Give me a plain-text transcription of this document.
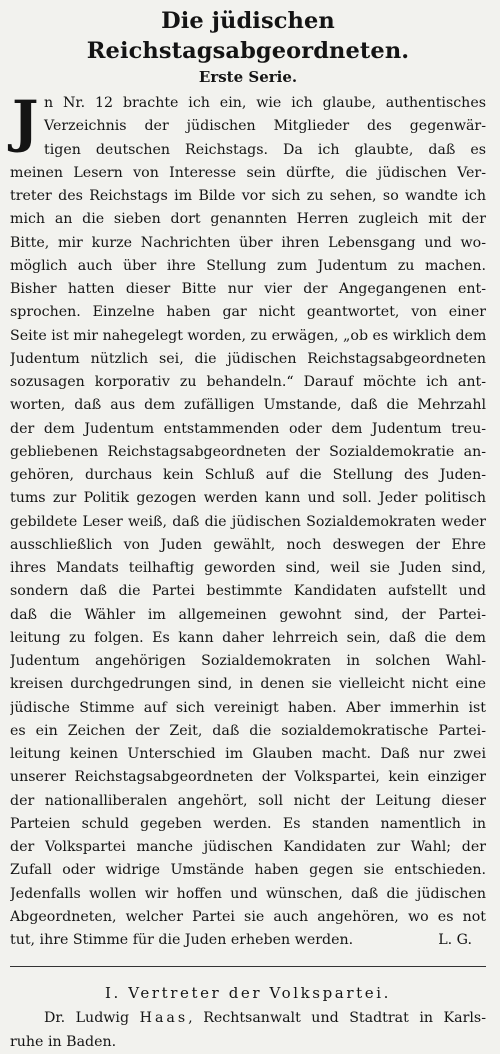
Die jüdischen Reichstagsabgeordneten.
Erste Serie.
J n Nr. 12 brachte ich ein, wie ich glaube, authentisches
Verzeichnis der jüdischen Mitglieder des gegenwär-
tigen deutschen Reichstags. Da ich glaubte, daß es
meinen Lesern von Interesse sein dürfte, die jüdischen Ver-
treter des Reichstags im Bilde vor sich zu sehen, so wandte ich
mich an die sieben dort genannten Herren zugleich mit der
Bitte, mir kurze Nachrichten über ihren Lebensgang und wo-
möglich auch über ihre Stellung zum Judentum zu machen.
Bisher hatten dieser Bitte nur vier der Angegangenen ent-
sprochen. Einzelne haben gar nicht geantwortet, von einer
Seite ist mir nahegelegt worden, zu erwägen, „ob es wirklich dem
Judentum nützlich sei, die jüdischen Reichstagsabgeordneten
sozusagen korporativ zu behandeln.“ Darauf möchte ich ant-
worten, daß aus dem zufälligen Umstande, daß die Mehrzahl
der dem Judentum entstammenden oder dem Judentum treu-
gebliebenen Reichstagsabgeordneten der Sozialdemokratie an-
gehören, durchaus kein Schluß auf die Stellung des Juden-
tums zur Politik gezogen werden kann und soll. Jeder politisch
gebildete Leser weiß, daß die jüdischen Sozialdemokraten weder
ausschließlich von Juden gewählt, noch deswegen der Ehre
ihres Mandats teilhaftig geworden sind, weil sie Juden sind,
sondern daß die Partei bestimmte Kandidaten aufstellt und
daß die Wähler im allgemeinen gewohnt sind, der Partei-
leitung zu folgen. Es kann daher lehrreich sein, daß die dem
Judentum angehörigen Sozialdemokraten in solchen Wahl-
kreisen durchgedrungen sind, in denen sie vielleicht nicht eine
jüdische Stimme auf sich vereinigt haben. Aber immerhin ist
es ein Zeichen der Zeit, daß die sozialdemokratische Partei-
leitung keinen Unterschied im Glauben macht. Daß nur zwei
unserer Reichstagsabgeordneten der Volkspartei, kein einziger
der nationalliberalen angehört, soll nicht der Leitung dieser
Parteien schuld gegeben werden. Es standen namentlich in
der Volkspartei manche jüdischen Kandidaten zur Wahl; der
Zufall oder widrige Umstände haben gegen sie entschieden.
Jedenfalls wollen wir hoffen und wünschen, daß die jüdischen
Abgeordneten, welcher Partei sie auch angehören, wo es not
tut, ihre Stimme für die Juden erheben werden.	L. G.
I. Vertreter der Volkspartei.
Dr. Ludwig Haas, Rechtsanwalt und Stadtrat in Karls-
ruhe in Baden.
